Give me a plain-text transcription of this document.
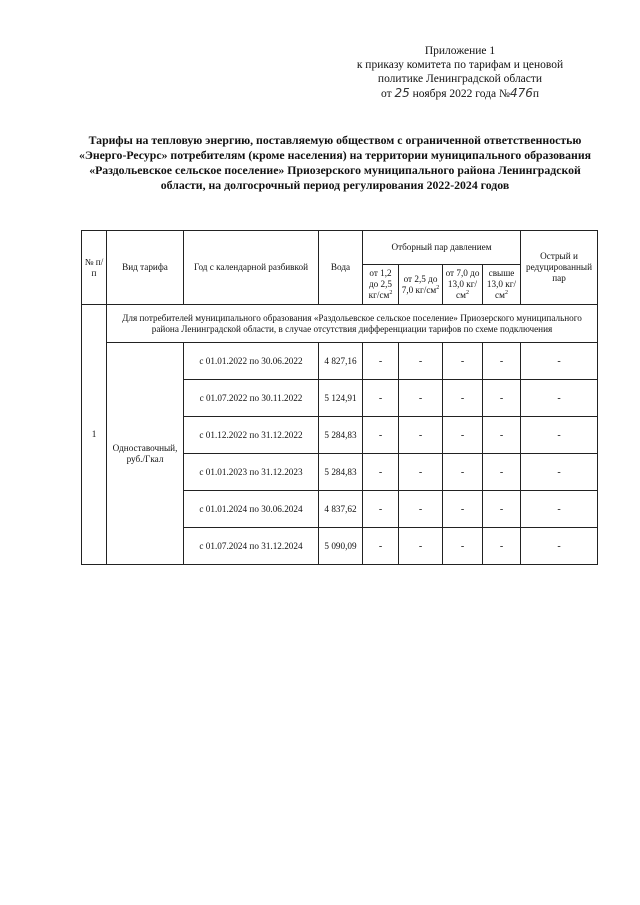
Приложение 1
к приказу комитета по тарифам и ценовой
политике Ленинградской области
от 25 ноября 2022 года №476п
Тарифы на тепловую энергию, поставляемую обществом с ограниченной ответственностью «Энерго-Ресурс» потребителям (кроме населения) на территории муниципального образования «Раздольевское сельское поселение» Приозерского муниципального района Ленинградской области, на долгосрочный период регулирования 2022-2024 годов
№ п/п	Вид тарифа	Год с календарной разбивкой	Вода	Отборный пар давлением				Острый и редуцированный пар
				от 1,2 до 2,5 $кг/см^2$	от 2,5 до 7,0 $кг/см^2$	от 7,0 до 13,0 $кг/см^2$	свыше 13,0 $кг/см^2$
1	Для потребителей муниципального образования «Раздольевское сельское поселение» Приозерского муниципального района Ленинградской области, в случае отсутствия дифференциации тарифов по схеме подключения							
	Одноставочный, руб./Гкал	с 01.01.2022 по 30.06.2022	4 827,16	-	-	-	-	-
		с 01.07.2022 по 30.11.2022	5 124,91	-	-	-	-	-
		с 01.12.2022 по 31.12.2022	5 284,83	-	-	-	-	-
		с 01.01.2023 по 31.12.2023	5 284,83	-	-	-	-	-
		с 01.01.2024 по 30.06.2024	4 837,62	-	-	-	-	-
		с 01.07.2024 по 31.12.2024	5 090,09	-	-	-	-	-
